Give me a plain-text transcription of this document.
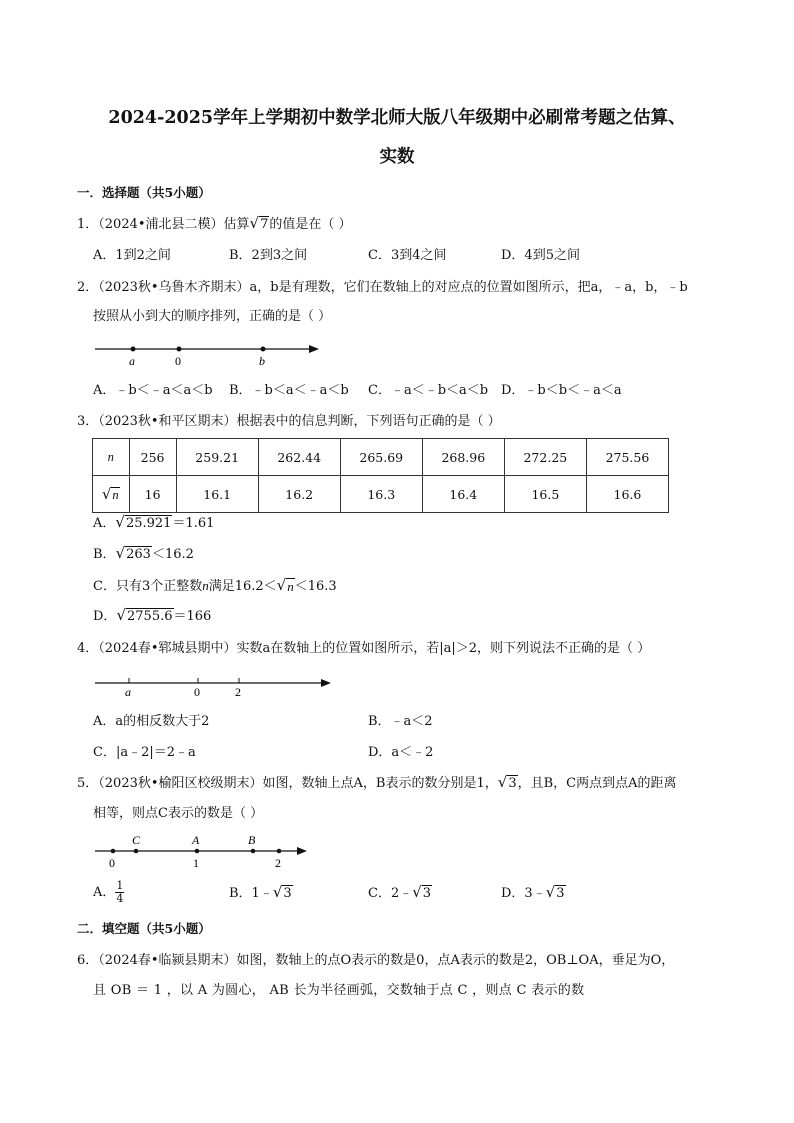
2024-2025学年上学期初中数学北师大版八年级期中必刷常考题之估算、
实数
一．选择题（共5小题）
1．（2024•浦北县二模）估算 √ 7 的值是在（ ）
A．1到2之间	B．2到3之间	C．3到4之间	D．4到5之间
2．（2023秋•乌鲁木齐期末）a，b是有理数，它们在数轴上的对应点的位置如图所示，把a，﹣a，b，﹣b
按照从小到大的顺序排列，正确的是（ ）
a	0	b
A．﹣b＜﹣a＜a＜b B．﹣b＜a＜﹣a＜b C．﹣a＜﹣b＜a＜b D．﹣b＜b＜﹣a＜a
3．（2023秋•和平区期末）根据表中的信息判断，下列语句正确的是（ ）
n	256	259.21	262.44	265.69	268.96	272.25	275.56

√ n	16	16.1	16.2	16.3	16.4	16.5	16.6
A． √ 25.921 ＝1.61
B． √ 263 ＜16.2
C．只有3个正整数n满足16.2＜ √ n ＜16.3
D． √ 2755.6 ＝166
4．（2024春•郓城县期中）实数a在数轴上的位置如图所示，若|a|＞2，则下列说法不正确的是（ ）
a	0	2
A．a的相反数大于2	B．﹣a＜2
C．|a﹣2|＝2﹣a	D．a＜﹣2
5．（2023秋•榆阳区校级期末）如图，数轴上点A，B表示的数分别是1， √ 3 ，且B，C两点到点A的距离
相等，则点C表示的数是（ ）
C	A	B
0	1	2
A． $\frac{1}{4}$	B．1﹣ √ 3	C．2﹣ √ 3	D．3﹣ √ 3
二．填空题（共5小题）
6．（2024春•临颍县期末）如图，数轴上的点O表示的数是0，点A表示的数是2，OB⊥OA，垂足为O，
且 OB ＝ 1 ，以 A 为圆心， AB 长为半径画弧，交数轴于点 C ，则点 C 表示的数
